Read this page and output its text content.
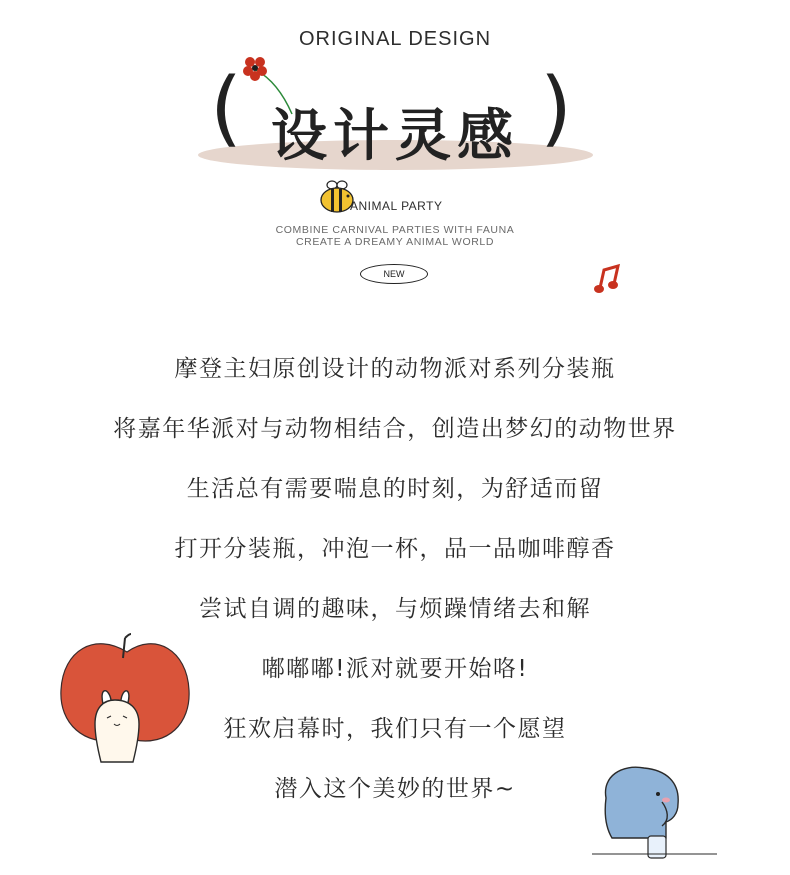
ORIGINAL DESIGN
( 设计灵感 )
ANIMAL PARTY
COMBINE CARNIVAL PARTIES WITH FAUNA
CREATE A DREAMY ANIMAL WORLD
NEW
摩登主妇原创设计的动物派对系列分装瓶
将嘉年华派对与动物相结合，创造出梦幻的动物世界
生活总有需要喘息的时刻，为舒适而留
打开分装瓶，冲泡一杯，品一品咖啡醇香
尝试自调的趣味，与烦躁情绪去和解
嘟嘟嘟!派对就要开始咯!
狂欢启幕时，我们只有一个愿望
潜入这个美妙的世界~
